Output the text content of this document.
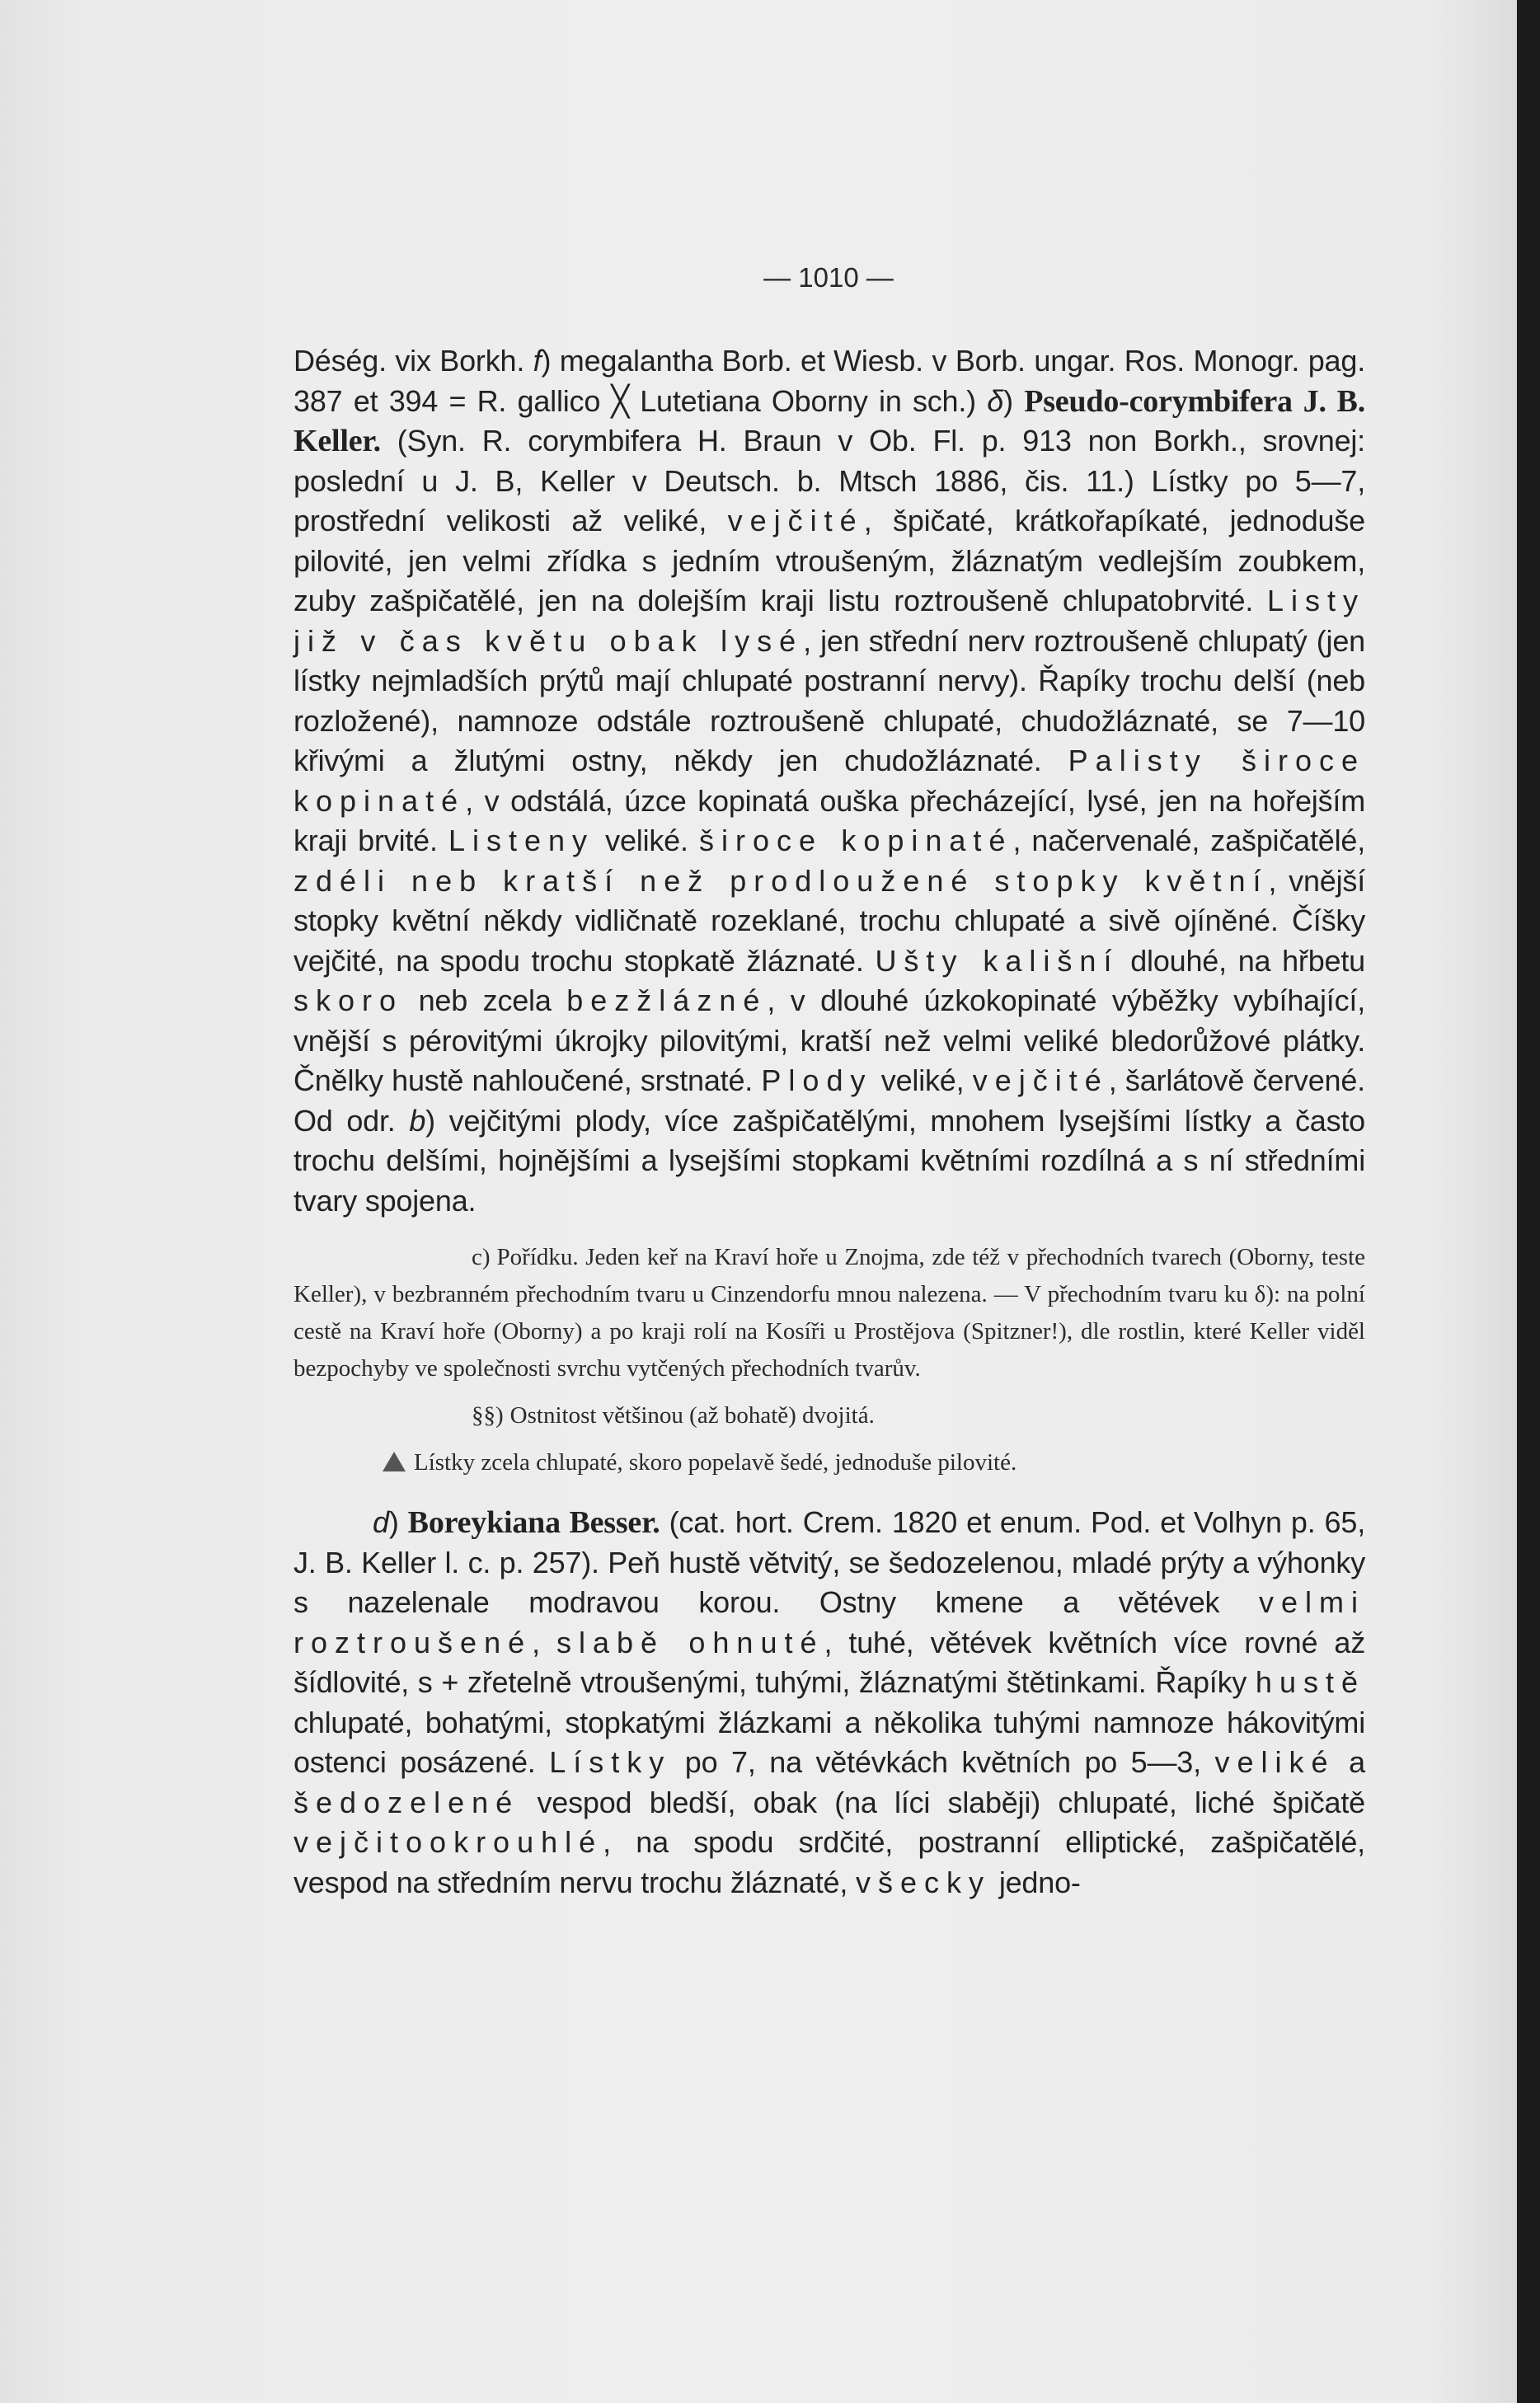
— 1010 —

Déség. vix Borkh. f) megalantha Borb. et Wiesb. v Borb. ungar. Ros. Monogr. pag. 387 et 394 = R. gallico ╳ Lutetiana Oborny in sch.) δ) Pseudo-corymbifera J. B. Keller. (Syn. R. corymbifera H. Braun v Ob. Fl. p. 913 non Borkh., srovnej: poslední u J. B, Keller v Deutsch. b. Mtsch 1886, čis. 11.) Lístky po 5—7, prostřední velikosti až veliké, vejčité, špičaté, krátkořapíkaté, jednoduše pilovité, jen velmi zřídka s jedním vtroušeným, žláznatým vedlejším zoubkem, zuby zašpičatělé, jen na dolejším kraji listu roztroušeně chlupatobrvité. Listy již v čas květu obak lysé, jen střední nerv roztroušeně chlupatý (jen lístky nejmladších prýtů mají chlupaté postranní nervy). Řapíky trochu delší (neb rozložené), namnoze odstále roztroušeně chlupaté, chudožláznaté, se 7—10 křivými a žlutými ostny, někdy jen chudožláznaté. Palisty široce kopinaté, v odstálá, úzce kopinatá ouška přecházející, lysé, jen na hořejším kraji brvité. Listeny veliké. široce kopinaté, načervenalé, zašpičatělé, zdéli neb kratší než prodloužené stopky květní, vnější stopky květní někdy vidličnatě rozeklané, trochu chlupaté a sivě ojíněné. Číšky vejčité, na spodu trochu stopkatě žláznaté. Ušty kališní dlouhé, na hřbetu skoro neb zcela bezžlázné, v dlouhé úzkokopinaté výběžky vybíhající, vnější s pérovitými úkrojky pilovitými, kratší než velmi veliké bledorůžové plátky. Čnělky hustě nahloučené, srstnaté. Plody veliké, vejčité, šarlátově červené. Od odr. b) vejčitými plody, více zašpičatělými, mnohem lysejšími lístky a často trochu delšími, hojnějšími a lysejšími stopkami květními rozdílná a s ní středními tvary spojena.

c) Pořídku. Jeden keř na Kraví hoře u Znojma, zde též v přechodních tvarech (Oborny, teste Keller), v bezbranném přechodním tvaru u Cinzendorfu mnou nalezena. — V přechodním tvaru ku δ): na polní cestě na Kraví hoře (Oborny) a po kraji rolí na Kosíři u Prostějova (Spitzner!), dle rostlin, které Keller viděl bezpochyby ve společnosti svrchu vytčených přechodních tvarův.

§§) Ostnitost většinou (až bohatě) dvojitá.

Lístky zcela chlupaté, skoro popelavě šedé, jednoduše pilovité.

d) Boreykiana Besser. (cat. hort. Crem. 1820 et enum. Pod. et Volhyn p. 65, J. B. Keller l. c. p. 257). Peň hustě větvitý, se šedozelenou, mladé prýty a výhonky s nazelenale modravou korou. Ostny kmene a větévek velmi roztroušené, slabě ohnuté, tuhé, větévek květních více rovné až šídlovité, s + zřetelně vtroušenými, tuhými, žláznatými štětinkami. Řapíky hustě chlupaté, bohatými, stopkatými žlázkami a několika tuhými namnoze hákovitými ostenci posázené. Lístky po 7, na větévkách květních po 5—3, veliké a šedozelené vespod bledší, obak (na líci slaběji) chlupaté, liché špičatě vejčitookrouhlé, na spodu srdčité, postranní elliptické, zašpičatělé, vespod na středním nervu trochu žláznaté, všecky jedno-
